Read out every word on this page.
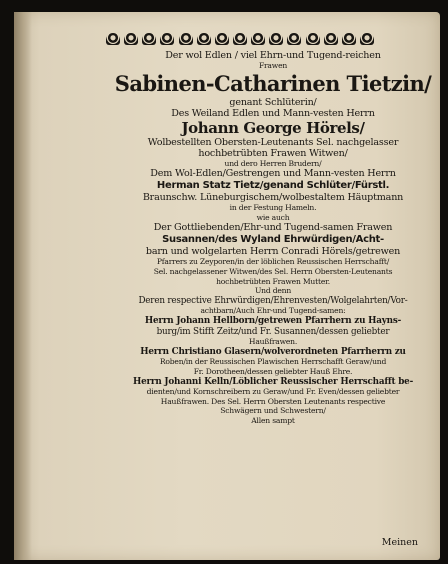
Der wol Edlen / viel Ehrn-und Tugend-reichen
Frawen
Sabinen-Catharinen Tietzin/
genant Schlüterin/
Des Weiland Edlen und Mann-vesten Herrn
Johann George Hörels/
Wolbestellten Obersten-Leutenants Sel. nachgelasser
hochbetrübten Frawen Witwen/
und dero Herren Brudern/
Dem Wol-Edlen/Gestrengen und Mann-vesten Herrn
Herman Statz Tietz/genand Schlüter/Fürstl.
Braunschw. Lüneburgischem/wolbestaltem Häuptmann
in der Festung Hameln.
wie auch
Der Gottliebenden/Ehr-und Tugend-samen Frawen
Susannen/des Wyland Ehrwürdigen/Acht-
barn und wolgelarten Herrn Conradi Hörels/getrewen
Pfarrers zu Zeyporen/in der löblichen Reussischen Herrschafft/
Sel. nachgelassener Witwen/des Sel. Herrn Obersten-Leutenants
hochbetrübten Frawen Mutter.
Und denn
Deren respective Ehrwürdigen/Ehrenvesten/Wolgelahrten/Vor-
achtbarn/Auch Ehr-und Tugend-samen:
Herrn Johann Hellborn/getrewen Pfarrhern zu Hayns-
burg/im Stifft Zeitz/und Fr. Susannen/dessen geliebter
Haußfrawen.
Herrn Christiano Glasern/wolverordneten Pfarrherrn zu
Roben/in der Reussischen Plawischen Herrschafft Geraw/und
Fr. Dorotheen/dessen geliebter Hauß Ehre.
Herrn Johanni Kelln/Löblicher Reussischer Herrschafft be-
dienten/und Kornschreibern zu Geraw/und Fr. Even/dessen geliebter
Haußfrawen. Des Sel. Herrn Obersten Leutenants respective
Schwägern und Schwestern/
Allen sampt
Meinen
